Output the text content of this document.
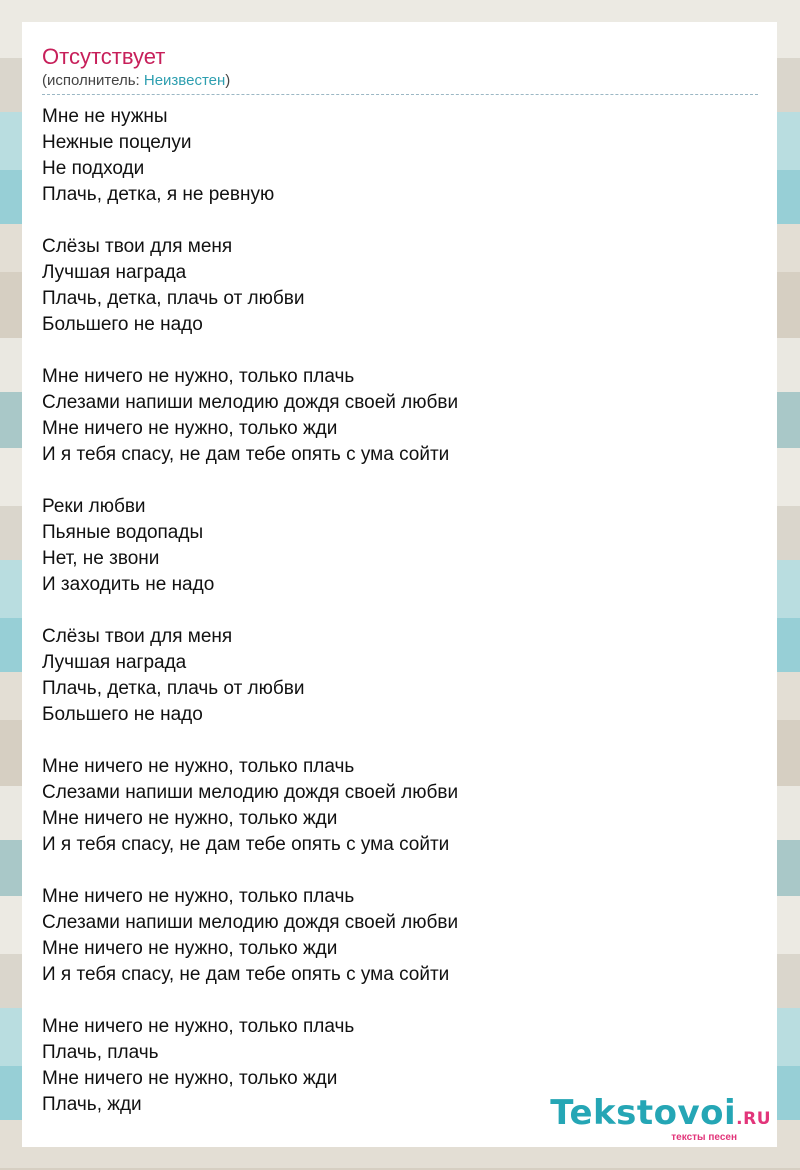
Отсутствует
(исполнитель: Неизвестен)
Мне не нужны
Нежные поцелуи
Не подходи
Плачь, детка, я не ревную
Слёзы твои для меня
Лучшая награда
Плачь, детка, плачь от любви
Большего не надо
Мне ничего не нужно, только плачь
Слезами напиши мелодию дождя своей любви
Мне ничего не нужно, только жди
И я тебя спасу, не дам тебе опять с ума сойти
Реки любви
Пьяные водопады
Нет, не звони
И заходить не надо
Слёзы твои для меня
Лучшая награда
Плачь, детка, плачь от любви
Большего не надо
Мне ничего не нужно, только плачь
Слезами напиши мелодию дождя своей любви
Мне ничего не нужно, только жди
И я тебя спасу, не дам тебе опять с ума сойти
Мне ничего не нужно, только плачь
Слезами напиши мелодию дождя своей любви
Мне ничего не нужно, только жди
И я тебя спасу, не дам тебе опять с ума сойти
Мне ничего не нужно, только плачь
Плачь, плачь
Мне ничего не нужно, только жди
Плачь, жди	Tekstovoi.RU
тексты песен
